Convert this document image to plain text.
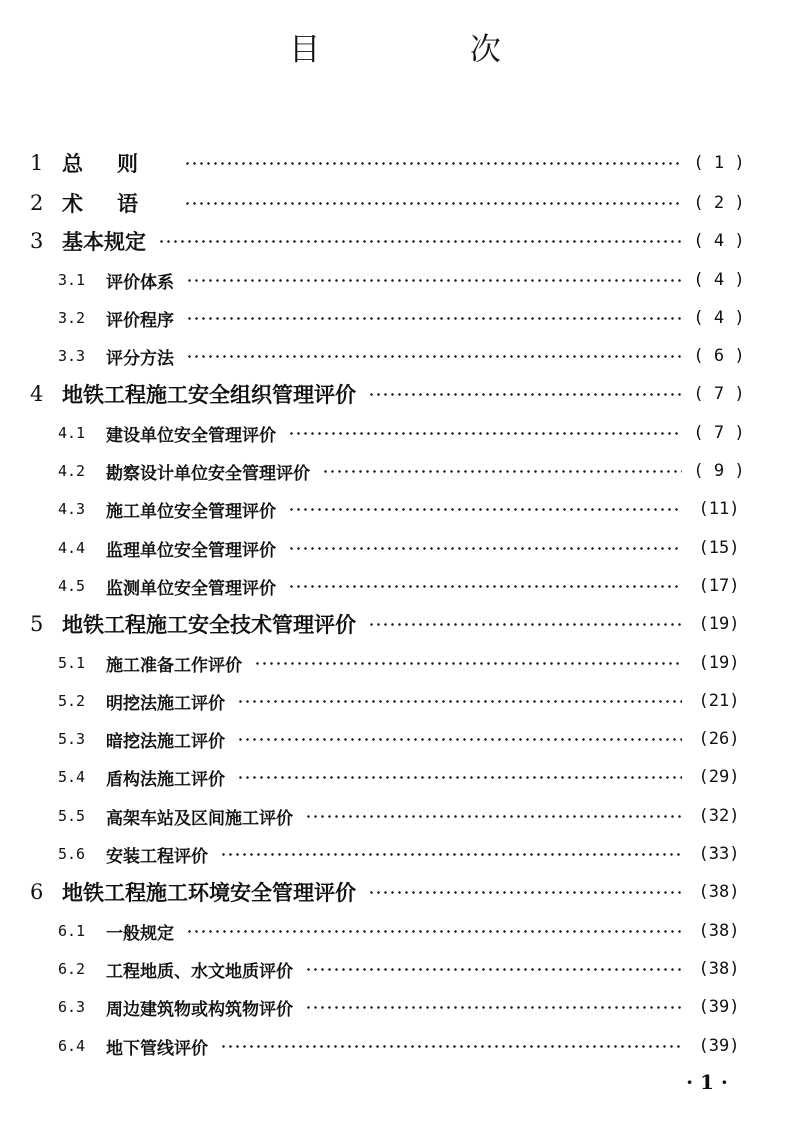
目 次
1 总则	( 1 )
2 术语	( 2 )
3 基本规定	( 4 )
3.1	评价体系	( 4 )
3.2	评价程序	( 4 )
3.3	评分方法	( 6 )
4 地铁工程施工安全组织管理评价	( 7 )
4.1	建设单位安全管理评价	( 7 )
4.2	勘察设计单位安全管理评价	( 9 )
4.3	施工单位安全管理评价	(11)
4.4	监理单位安全管理评价	(15)
4.5	监测单位安全管理评价	(17)
5 地铁工程施工安全技术管理评价	(19)
5.1	施工准备工作评价	(19)
5.2	明挖法施工评价	(21)
5.3	暗挖法施工评价	(26)
5.4	盾构法施工评价	(29)
5.5	高架车站及区间施工评价	(32)
5.6	安装工程评价	(33)
6 地铁工程施工环境安全管理评价	(38)
6.1	一般规定	(38)
6.2	工程地质、水文地质评价	(38)
6.3	周边建筑物或构筑物评价	(39)
6.4	地下管线评价	(39)
· 1 ·
